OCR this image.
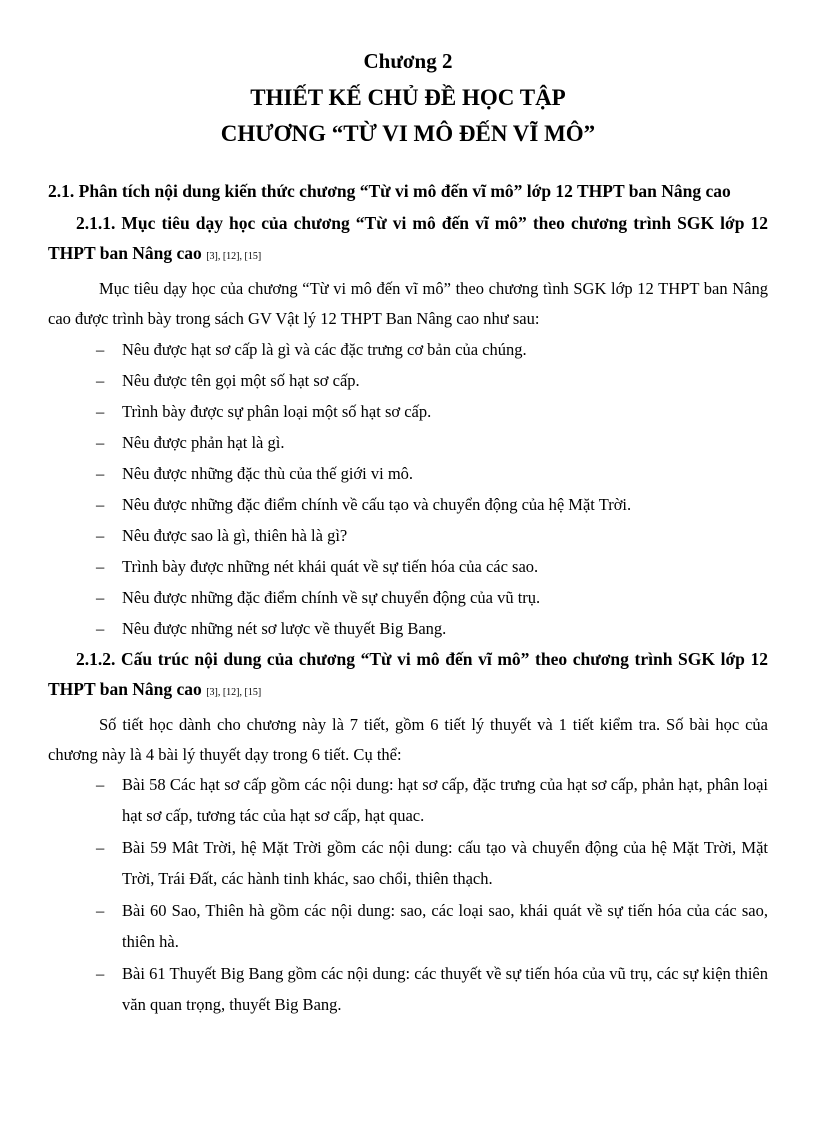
Chương 2

THIẾT KẾ CHỦ ĐỀ HỌC TẬP

CHƯƠNG “TỪ VI MÔ ĐẾN VĨ MÔ”

2.1. Phân tích nội dung kiến thức chương “Từ vi mô đến vĩ mô” lớp 12 THPT ban Nâng cao

2.1.1. Mục tiêu dạy học của chương “Từ vi mô đến vĩ mô” theo chương trình SGK lớp 12 THPT ban Nâng cao [3], [12], [15]

Mục tiêu dạy học của chương “Từ vi mô đến vĩ mô” theo chương tình SGK lớp 12 THPT ban Nâng cao được trình bày trong sách GV Vật lý 12 THPT Ban Nâng cao như sau:

– Nêu được hạt sơ cấp là gì và các đặc trưng cơ bản của chúng.
– Nêu được tên gọi một số hạt sơ cấp.
– Trình bày được sự phân loại một số hạt sơ cấp.
– Nêu được phản hạt là gì.
– Nêu được những đặc thù của thế giới vi mô.
– Nêu được những đặc điểm chính về cấu tạo và chuyển động của hệ Mặt Trời.
– Nêu được sao là gì, thiên hà là gì?
– Trình bày được những nét khái quát về sự tiến hóa của các sao.
– Nêu được những đặc điểm chính về sự chuyển động của vũ trụ.
– Nêu được những nét sơ lược về thuyết Big Bang.

2.1.2. Cấu trúc nội dung của chương “Từ vi mô đến vĩ mô” theo chương trình SGK lớp 12 THPT ban Nâng cao [3], [12], [15]

Số tiết học dành cho chương này là 7 tiết, gồm 6 tiết lý thuyết và 1 tiết kiểm tra. Số bài học của chương này là 4 bài lý thuyết dạy trong 6 tiết. Cụ thể:

– Bài 58 Các hạt sơ cấp gồm các nội dung: hạt sơ cấp, đặc trưng của hạt sơ cấp, phản hạt, phân loại hạt sơ cấp, tương tác của hạt sơ cấp, hạt quac.
– Bài 59 Mât Trời, hệ Mặt Trời gồm các nội dung: cấu tạo và chuyển động của hệ Mặt Trời, Mặt Trời, Trái Đất, các hành tinh khác, sao chổi, thiên thạch.
– Bài 60 Sao, Thiên hà gồm các nội dung: sao, các loại sao, khái quát về sự tiến hóa của các sao, thiên hà.
– Bài 61 Thuyết Big Bang gồm các nội dung: các thuyết về sự tiến hóa của vũ trụ, các sự kiện thiên văn quan trọng, thuyết Big Bang.
